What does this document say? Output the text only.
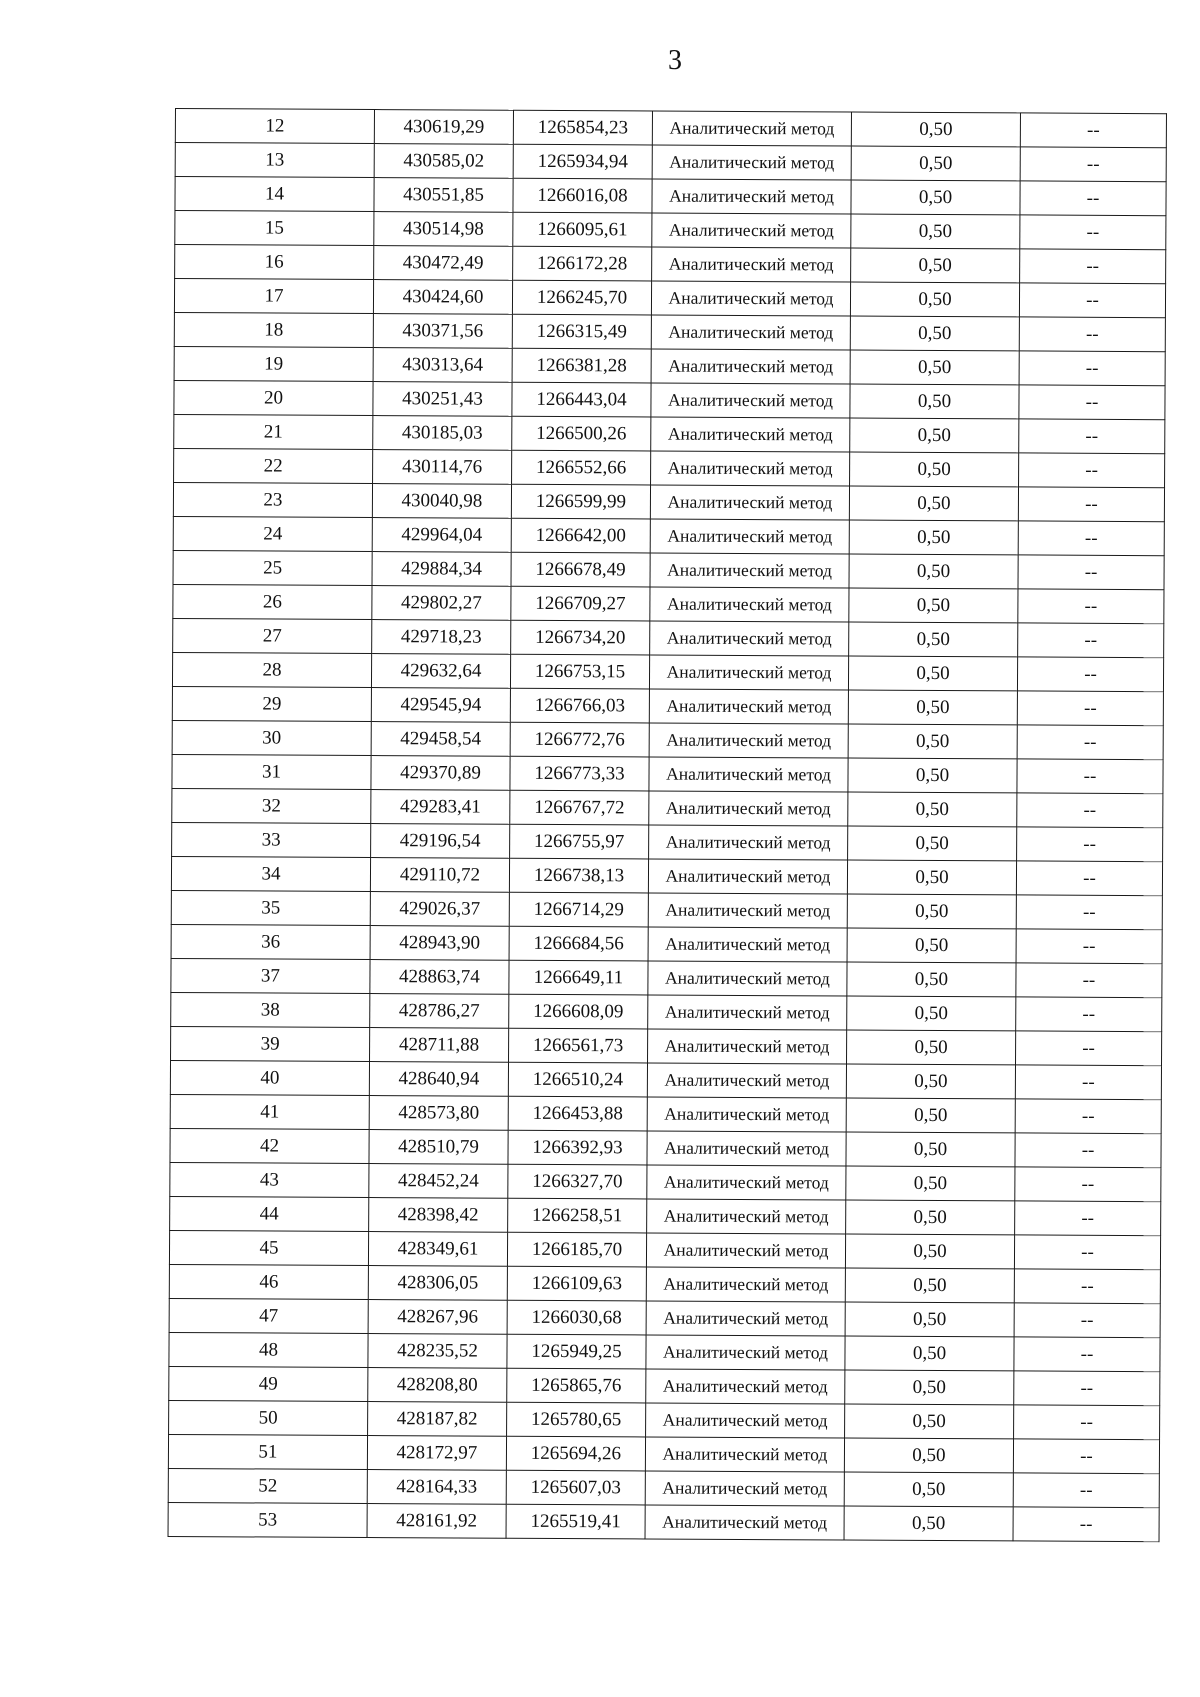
3
12	430619,29	1265854,23	Аналитический метод	0,50	--
13	430585,02	1265934,94	Аналитический метод	0,50	--
14	430551,85	1266016,08	Аналитический метод	0,50	--
15	430514,98	1266095,61	Аналитический метод	0,50	--
16	430472,49	1266172,28	Аналитический метод	0,50	--
17	430424,60	1266245,70	Аналитический метод	0,50	--
18	430371,56	1266315,49	Аналитический метод	0,50	--
19	430313,64	1266381,28	Аналитический метод	0,50	--
20	430251,43	1266443,04	Аналитический метод	0,50	--
21	430185,03	1266500,26	Аналитический метод	0,50	--
22	430114,76	1266552,66	Аналитический метод	0,50	--
23	430040,98	1266599,99	Аналитический метод	0,50	--
24	429964,04	1266642,00	Аналитический метод	0,50	--
25	429884,34	1266678,49	Аналитический метод	0,50	--
26	429802,27	1266709,27	Аналитический метод	0,50	--
27	429718,23	1266734,20	Аналитический метод	0,50	--
28	429632,64	1266753,15	Аналитический метод	0,50	--
29	429545,94	1266766,03	Аналитический метод	0,50	--
30	429458,54	1266772,76	Аналитический метод	0,50	--
31	429370,89	1266773,33	Аналитический метод	0,50	--
32	429283,41	1266767,72	Аналитический метод	0,50	--
33	429196,54	1266755,97	Аналитический метод	0,50	--
34	429110,72	1266738,13	Аналитический метод	0,50	--
35	429026,37	1266714,29	Аналитический метод	0,50	--
36	428943,90	1266684,56	Аналитический метод	0,50	--
37	428863,74	1266649,11	Аналитический метод	0,50	--
38	428786,27	1266608,09	Аналитический метод	0,50	--
39	428711,88	1266561,73	Аналитический метод	0,50	--
40	428640,94	1266510,24	Аналитический метод	0,50	--
41	428573,80	1266453,88	Аналитический метод	0,50	--
42	428510,79	1266392,93	Аналитический метод	0,50	--
43	428452,24	1266327,70	Аналитический метод	0,50	--
44	428398,42	1266258,51	Аналитический метод	0,50	--
45	428349,61	1266185,70	Аналитический метод	0,50	--
46	428306,05	1266109,63	Аналитический метод	0,50	--
47	428267,96	1266030,68	Аналитический метод	0,50	--
48	428235,52	1265949,25	Аналитический метод	0,50	--
49	428208,80	1265865,76	Аналитический метод	0,50	--
50	428187,82	1265780,65	Аналитический метод	0,50	--
51	428172,97	1265694,26	Аналитический метод	0,50	--
52	428164,33	1265607,03	Аналитический метод	0,50	--
53	428161,92	1265519,41	Аналитический метод	0,50	--
